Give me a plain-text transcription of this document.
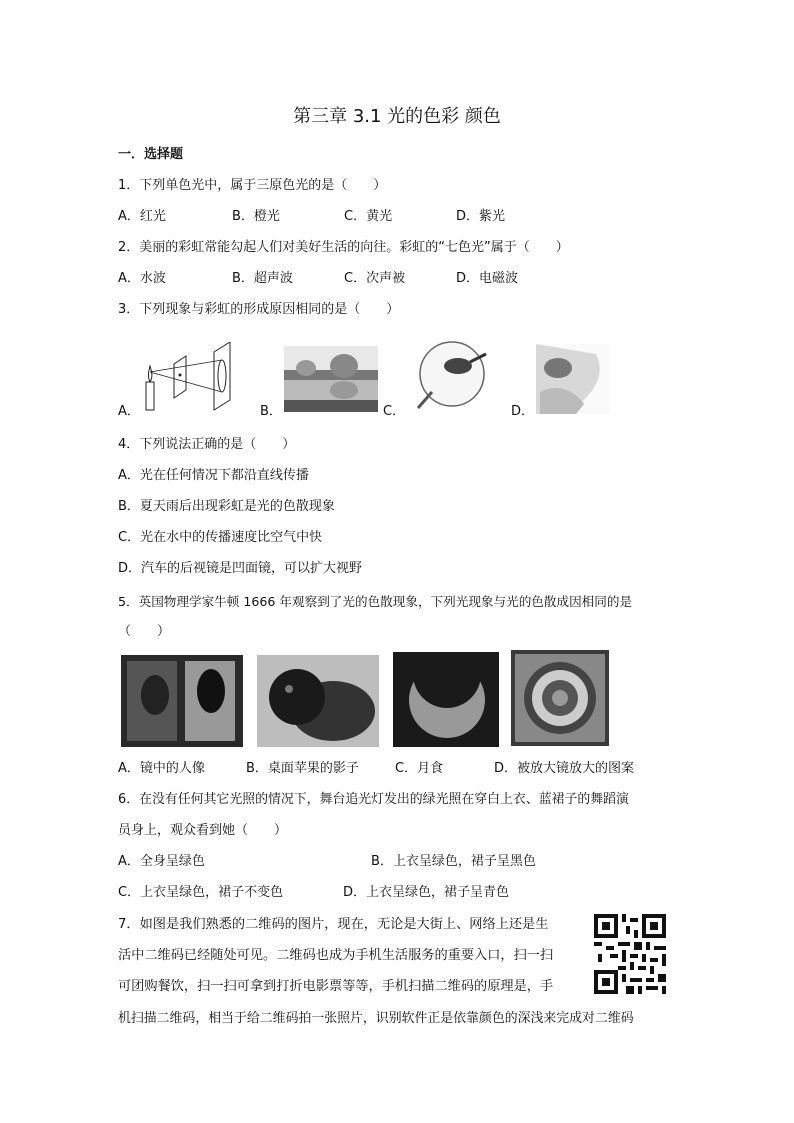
第三章 3.1 光的色彩 颜色
一．选择题
1．下列单色光中，属于三原色光的是（　　）
A．红光	B．橙光	C．黄光	D．紫光
2．美丽的彩虹常能勾起人们对美好生活的向往。彩虹的“七色光”属于（　　）
A．水波	B．超声波	C．次声被	D．电磁波
3．下列现象与彩虹的形成原因相同的是（　　）
A．	B．	C．	D．
4．下列说法正确的是（　　）
A．光在任何情况下都沿直线传播
B．夏天雨后出现彩虹是光的色散现象
C．光在水中的传播速度比空气中快
D．汽车的后视镜是凹面镜，可以扩大视野
5．英国物理学家牛顿 1666 年观察到了光的色散现象，下列光现象与光的色散成因相同的是
（　　）
A．镜中的人像	B．桌面苹果的影子	C．月食	D．被放大镜放大的图案
6．在没有任何其它光照的情况下，舞台追光灯发出的绿光照在穿白上衣、蓝裙子的舞蹈演
员身上，观众看到她（　　）
A．全身呈绿色	B．上衣呈绿色，裙子呈黑色
C．上衣呈绿色，裙子不变色	D．上衣呈绿色，裙子呈青色
7．如图是我们熟悉的二维码的图片，现在，无论是大街上、网络上还是生
活中二维码已经随处可见。二维码也成为手机生活服务的重要入口，扫一扫
可团购餐饮，扫一扫可拿到打折电影票等等，手机扫描二维码的原理是，手
机扫描二维码，相当于给二维码拍一张照片，识别软件正是依靠颜色的深浅来完成对二维码
